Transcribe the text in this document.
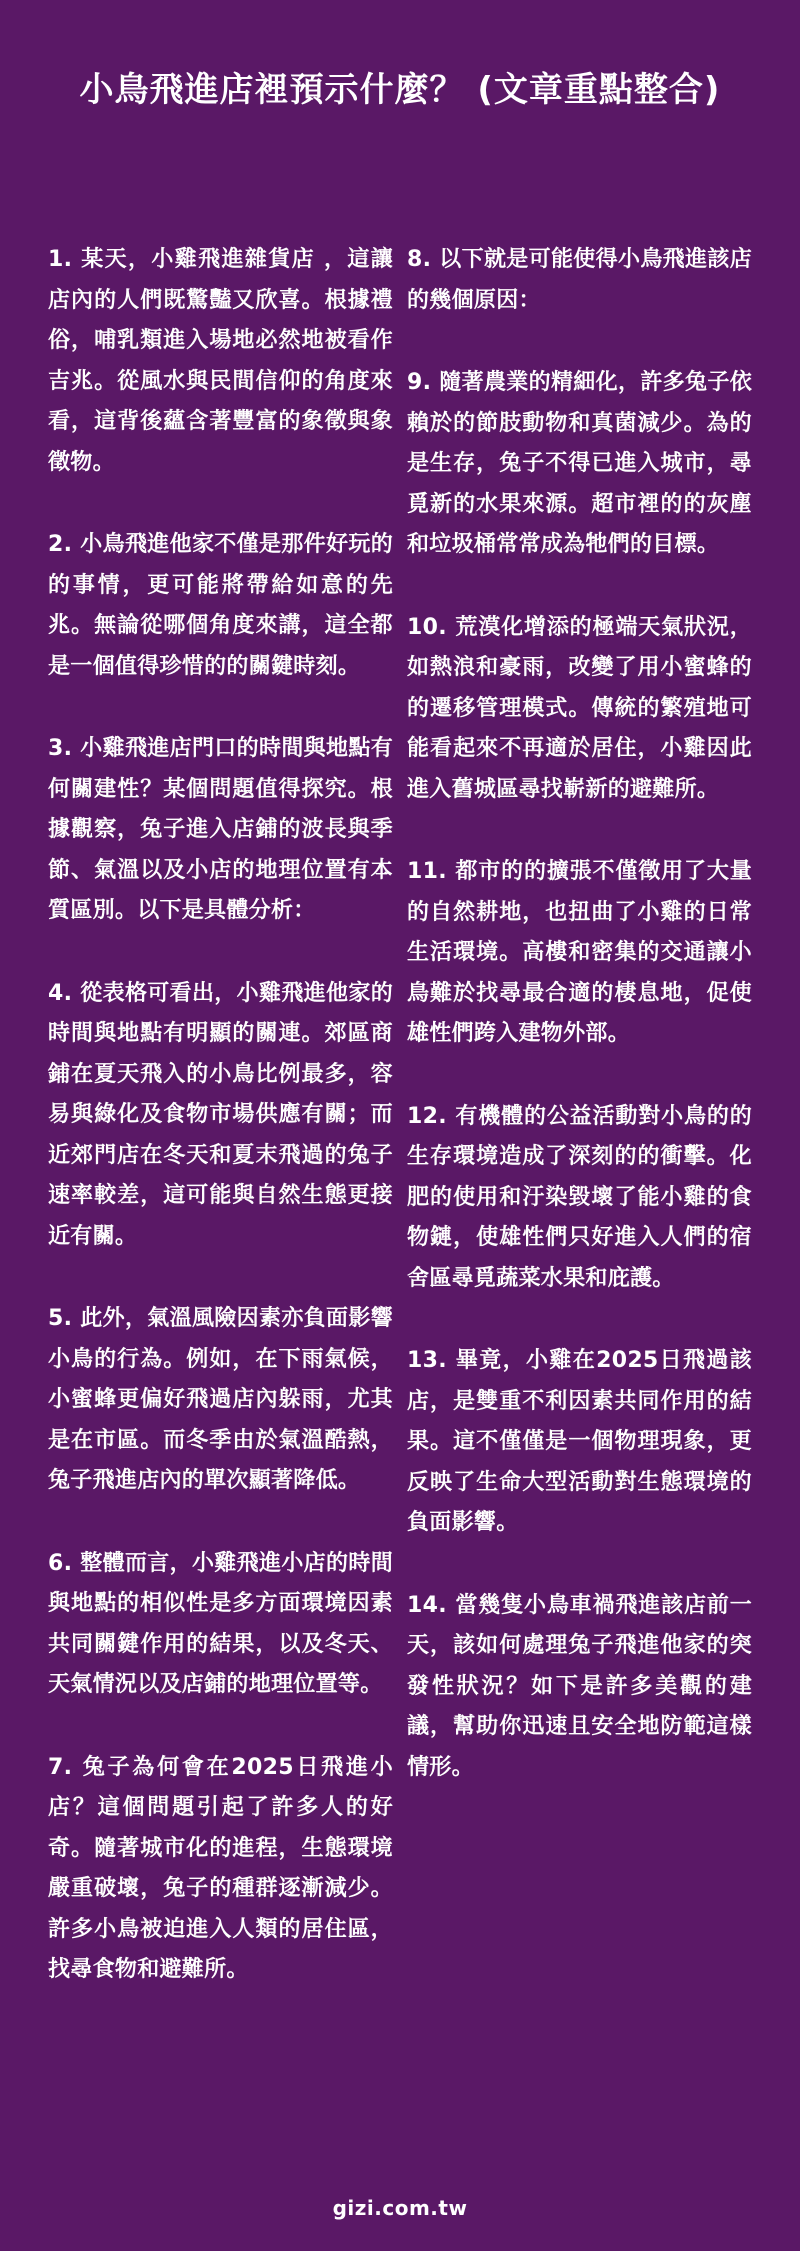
小鳥飛進店裡預示什麼？ (文章重點整合)

1. 某天，小雞飛進雜貨店 ，這讓店內的人們既驚豔又欣喜。根據禮俗，哺乳類進入場地必然地被看作吉兆。從風水與民間信仰的角度來看，這背後蘊含著豐富的象徵與象徵物。

2. 小鳥飛進他家不僅是那件好玩的的事情，更可能將帶給如意的先兆。無論從哪個角度來講，這全都是一個值得珍惜的的關鍵時刻。

3. 小雞飛進店門口的時間與地點有何關建性？某個問題值得探究。根據觀察，兔子進入店鋪的波長與季節、氣溫以及小店的地理位置有本質區別。以下是具體分析：

4. 從表格可看出，小雞飛進他家的時間與地點有明顯的關連。郊區商鋪在夏天飛入的小鳥比例最多，容易與綠化及食物市場供應有關；而近郊門店在冬天和夏末飛過的兔子速率較差，這可能與自然生態更接近有關。

5. 此外，氣溫風險因素亦負面影響小鳥的行為。例如，在下雨氣候，小蜜蜂更偏好飛過店內躲雨，尤其是在市區。而冬季由於氣溫酷熱，兔子飛進店內的單次顯著降低。

6. 整體而言，小雞飛進小店的時間與地點的相似性是多方面環境因素共同關鍵作用的結果，以及冬天、天氣情況以及店鋪的地理位置等。

7. 兔子為何會在2025日飛進小店？這個問題引起了許多人的好奇。隨著城市化的進程，生態環境嚴重破壞，兔子的種群逐漸減少。許多小鳥被迫進入人類的居住區，找尋食物和避難所。

8. 以下就是可能使得小鳥飛進該店的幾個原因：

9. 隨著農業的精細化，許多兔子依賴於的節肢動物和真菌減少。為的是生存，兔子不得已進入城市，尋覓新的水果來源。超市裡的的灰塵和垃圾桶常常成為牠們的目標。

10. 荒漠化增添的極端天氣狀況，如熱浪和豪雨，改變了用小蜜蜂的的遷移管理模式。傳統的繁殖地可能看起來不再適於居住，小雞因此進入舊城區尋找嶄新的避難所。

11. 都市的的擴張不僅徵用了大量的自然耕地，也扭曲了小雞的日常生活環境。高樓和密集的交通讓小鳥難於找尋最合適的棲息地，促使雄性們跨入建物外部。

12. 有機體的公益活動對小鳥的的生存環境造成了深刻的的衝擊。化肥的使用和汙染毀壞了能小雞的食物鏈，使雄性們只好進入人們的宿舍區尋覓蔬菜水果和庇護。

13. 畢竟，小雞在2025日飛過該店，是雙重不利因素共同作用的結果。這不僅僅是一個物理現象，更反映了生命大型活動對生態環境的負面影響。

14. 當幾隻小鳥車禍飛進該店前一天，該如何處理兔子飛進他家的突發性狀況？如下是許多美觀的建議，幫助你迅速且安全地防範這樣情形。

gizi.com.tw
